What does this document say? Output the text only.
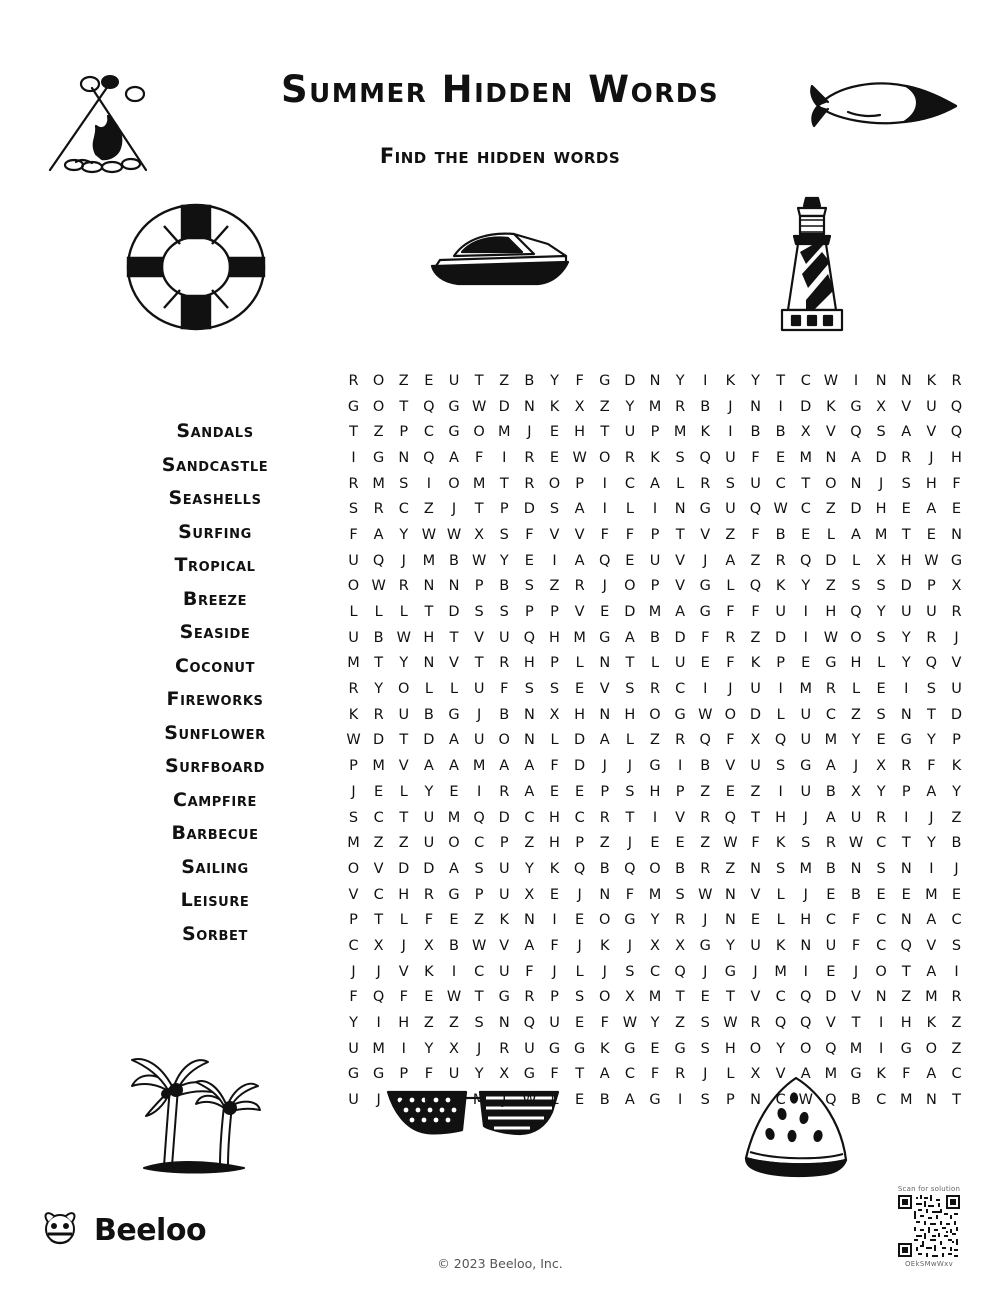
Summer Hidden Words
Find the hidden words
Sandals
Sandcastle
Seashells
Surfing
Tropical
Breeze
Seaside
Coconut
Fireworks
Sunflower
Surfboard
Campfire
Barbecue
Sailing
Leisure
Sorbet
R O Z E U T Z B Y F G D N Y	I	K Y T C W	I	N N K R
G O T Q G W D N K X Z Y M R B	J	N	I	D K G X V U Q
T Z P C G O M	J	E H T U P M K	I	B B X V Q S A V Q
I	G N Q A F	I	R E W O R K S Q U F E M N A D R	J	H
R M S	I	O M T R O P	I	C A	L	R S U C T O N	J	S H F
S R C Z	J	T P D S A	I	L	I	N G U Q W C Z D H E A E
F A Y W W X S F V V F F P T V Z F B E	L	A M T E N
U Q	J	M B W Y E	I	A Q E U V	J	A Z R Q D	L	X H W G
O W R N N P B S Z R	J	O P V G	L	Q K Y Z S S D P X
L	L	L	T D S S P P V E D M A G F F U	I	H Q Y U U R
U B W H T V U Q H M G A B D F R Z D	I	W O S Y R	J
M T Y N V T R H P	L	N T	L	U E F K P E G H	L	Y Q V
R Y O	L	L	U F S S E V S R C	I	J	U	I	M R	L	E	I	S U
K R U B G	J	B N X H N H O G W O D	L	U C Z S N T D
W D T D A U O N	L	D A	L	Z R Q F X Q U M Y E G Y P
P M V A A M A A F D	J	J	G	I	B V U S G A	J	X R F K
J	E	L	Y E	I	R A E E P S H P Z E Z	I	U B X Y P A Y
S C T U M Q D C H C R T	I	V R Q T H	J	A U R	I	J	Z
M Z Z U O C P Z H P Z	J	E E Z W F K S R W C T Y B
O V D D A S U Y K Q B Q O B R Z N S M B N S N	I	J
V C H R G P U X E	J	N F M S W N V	L	J	E B E E M E
P T	L	F E Z K N	I	E O G Y R	J	N E	L	H C F C N A C
C X	J	X B W V A F	J	K	J	X X G Y U K N U F C Q V S
J	J	V K	I	C U F	J	L	J	S C Q	J	G	J	M	I	E	J	O T A	I
F Q F E W T G R P S O X M T E T V C Q D V N Z M R
Y	I	H Z Z S N Q U E F W Y Z S W R Q Q V T	I	H K Z
U M	I	Y X	J	R U G G K G E G S H O Y O Q M	I	G O Z
G G P F U Y X G F T A C F R	J	L	X V A M G K F A C
U	J	Z U R M	J	W L	E B A G	I	S P N C W Q B C M N T
Beeloo
© 2023 Beeloo, Inc.
Scan for solution
OEkSMwWxv
